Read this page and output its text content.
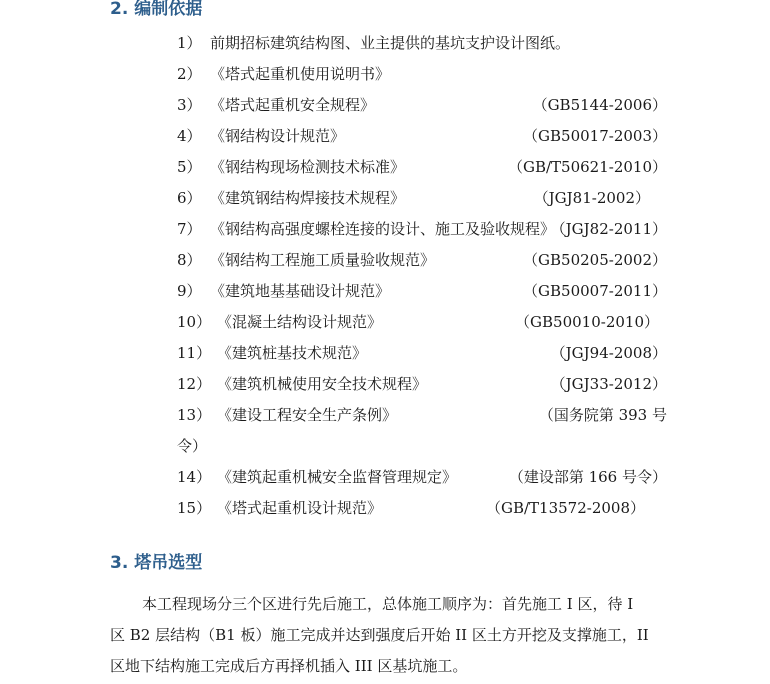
2. 编制依据
1） 前期招标建筑结构图、业主提供的基坑支护设计图纸。
2） 《塔式起重机使用说明书》
3） 《塔式起重机安全规程》	（GB5144-2006）
4） 《钢结构设计规范》	（GB50017-2003）
5） 《钢结构现场检测技术标准》	（GB/T50621-2010）
6） 《建筑钢结构焊接技术规程》	（JGJ81-2002）
7） 《钢结构高强度螺栓连接的设计、施工及验收规程》
（JGJ82-2011）
8） 《钢结构工程施工质量验收规范》	（GB50205-2002）
9） 《建筑地基基础设计规范》	（GB50007-2011）
10） 《混凝土结构设计规范》	（GB50010-2010）
11） 《建筑桩基技术规范》	（JGJ94-2008）
12） 《建筑机械使用安全技术规程》	（JGJ33-2012）
13） 《建设工程安全生产条例》	（国务院第 393 号
令）
14） 《建筑起重机械安全监督管理规定》	（建设部第 166 号令）
15） 《塔式起重机设计规范》	（GB/T13572-2008）
3. 塔吊选型
本工程现场分三个区进行先后施工，总体施工顺序为：首先施工 I 区，待 I
区 B2 层结构（B1 板）施工完成并达到强度后开始 II 区土方开挖及支撑施工，II
区地下结构施工完成后方再择机插入 III 区基坑施工。
